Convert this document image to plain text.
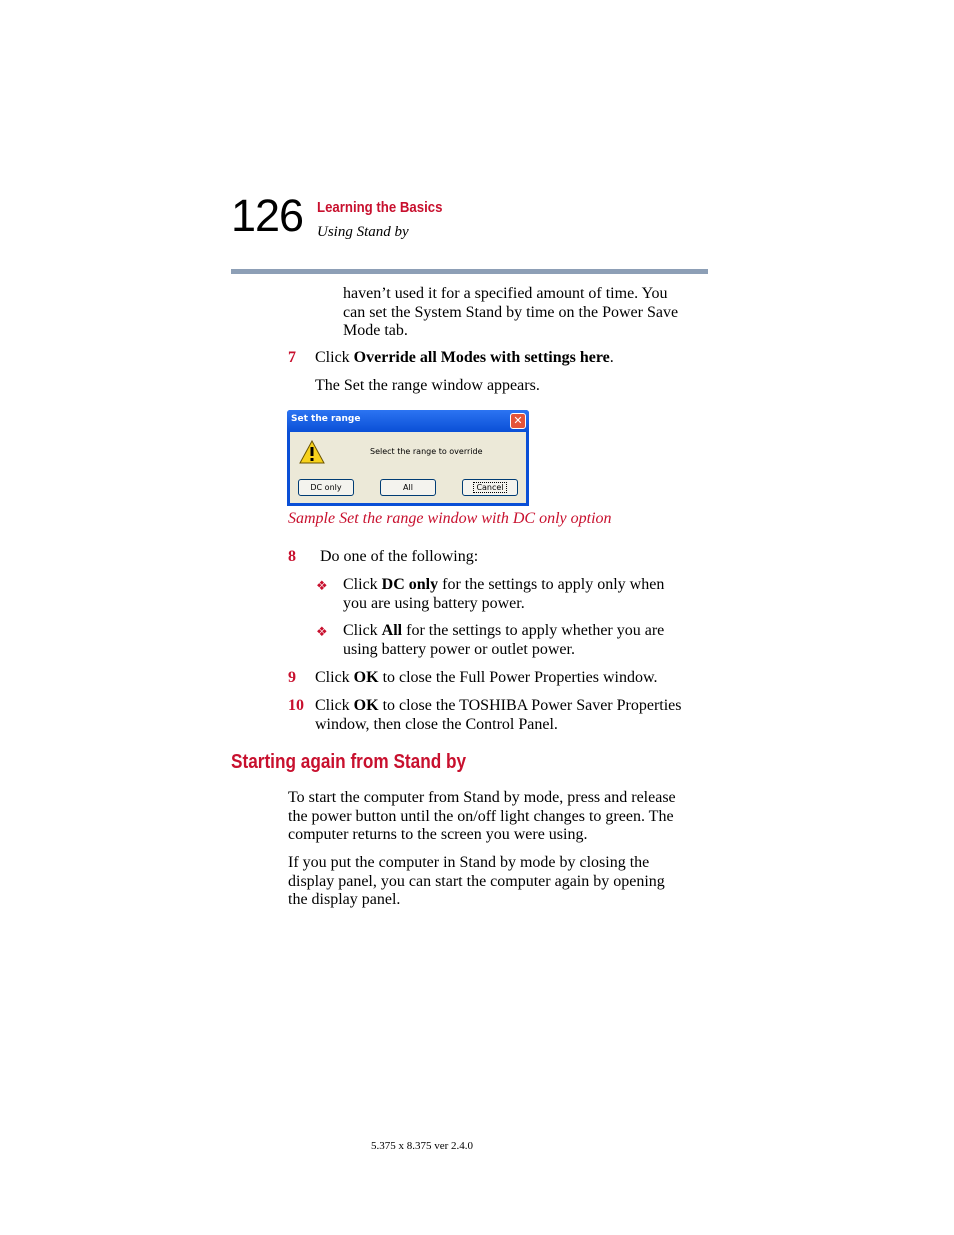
126 Learning the Basics
Using Stand by
haven’t used it for a specified amount of time. You
can set the System Stand by time on the Power Save
Mode tab.
7 Click Override all Modes with settings here.
The Set the range window appears.
Set the range	✕
Select the range to override
DC only	All	Cancel
Sample Set the range window with DC only option
8 Do one of the following:
❖ Click DC only for the settings to apply only when
you are using battery power.
❖ Click All for the settings to apply whether you are
using battery power or outlet power.
9 Click OK to close the Full Power Properties window.
10 Click OK to close the TOSHIBA Power Saver Properties
window, then close the Control Panel.
Starting again from Stand by
To start the computer from Stand by mode, press and release
the power button until the on/off light changes to green. The
computer returns to the screen you were using.
If you put the computer in Stand by mode by closing the
display panel, you can start the computer again by opening
the display panel.
5.375 x 8.375 ver 2.4.0
